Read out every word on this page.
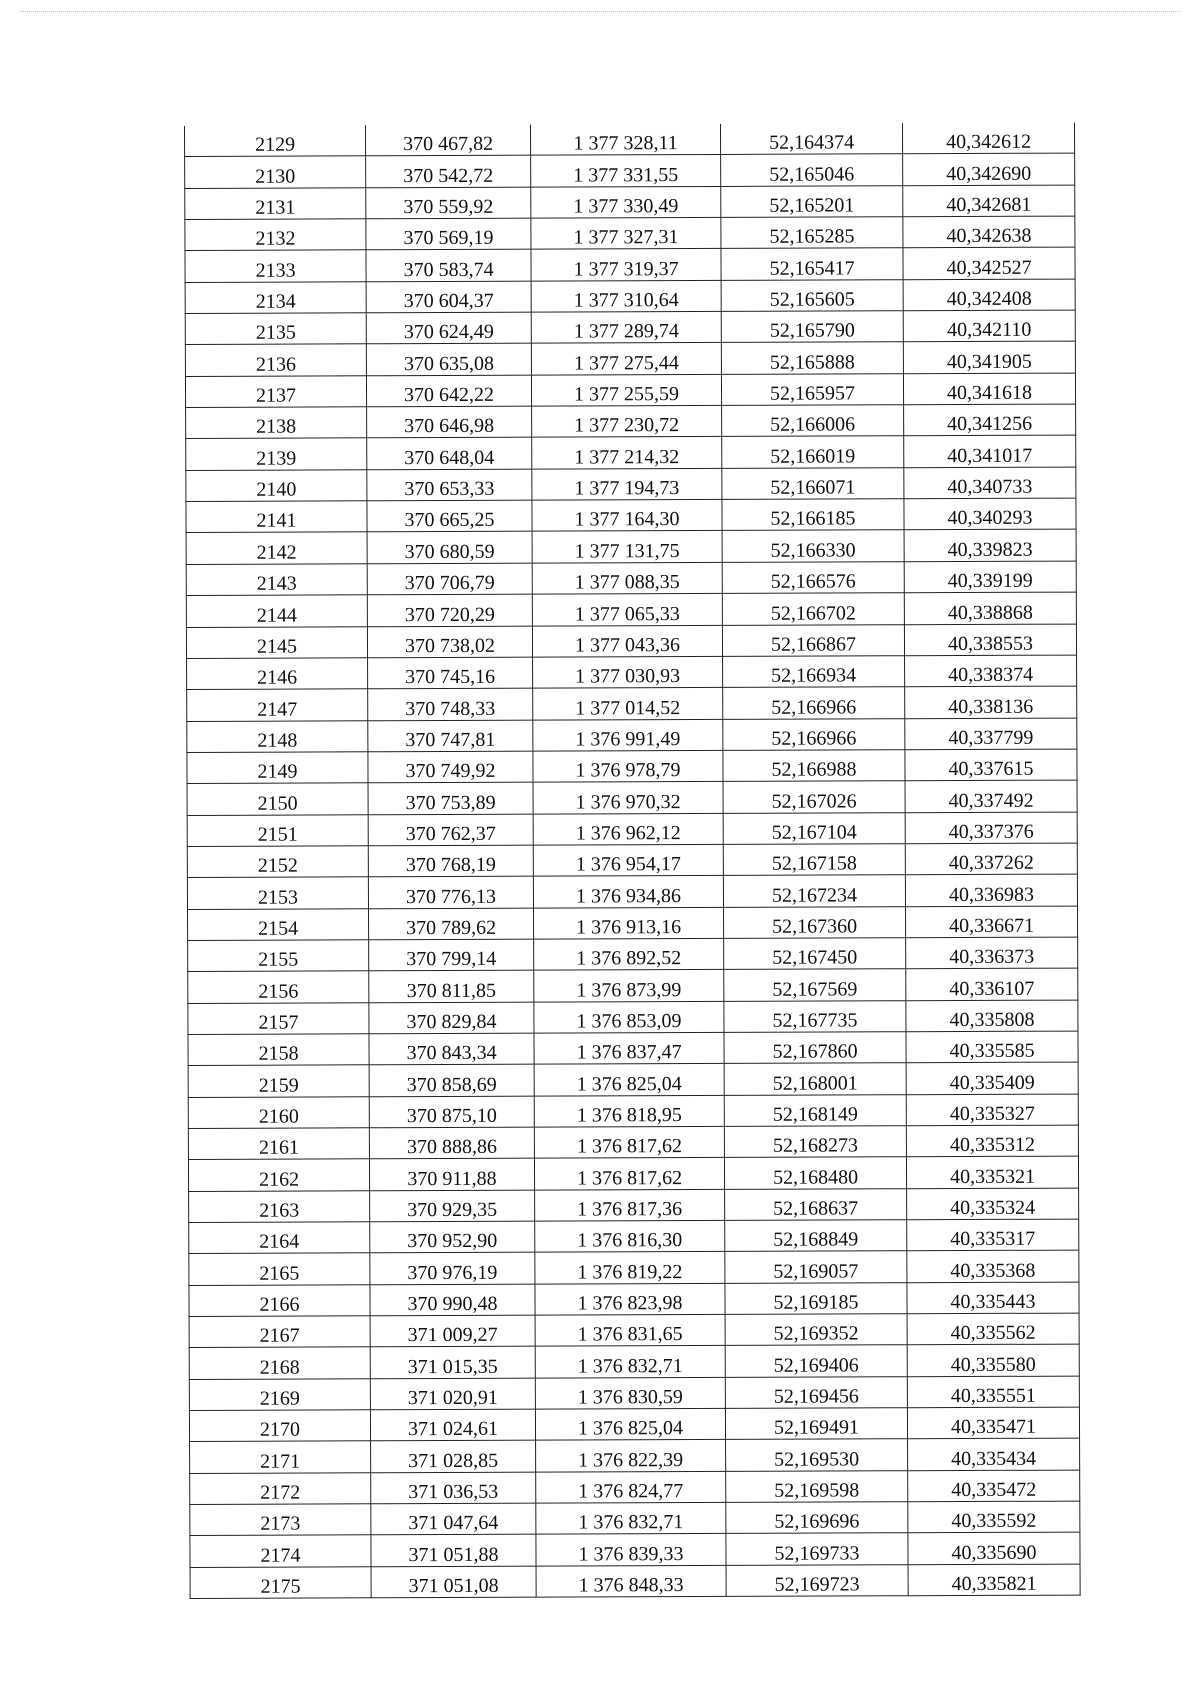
2129	370 467,82	1 377 328,11	52,164374	40,342612
2130	370 542,72	1 377 331,55	52,165046	40,342690
2131	370 559,92	1 377 330,49	52,165201	40,342681
2132	370 569,19	1 377 327,31	52,165285	40,342638
2133	370 583,74	1 377 319,37	52,165417	40,342527
2134	370 604,37	1 377 310,64	52,165605	40,342408
2135	370 624,49	1 377 289,74	52,165790	40,342110
2136	370 635,08	1 377 275,44	52,165888	40,341905
2137	370 642,22	1 377 255,59	52,165957	40,341618
2138	370 646,98	1 377 230,72	52,166006	40,341256
2139	370 648,04	1 377 214,32	52,166019	40,341017
2140	370 653,33	1 377 194,73	52,166071	40,340733
2141	370 665,25	1 377 164,30	52,166185	40,340293
2142	370 680,59	1 377 131,75	52,166330	40,339823
2143	370 706,79	1 377 088,35	52,166576	40,339199
2144	370 720,29	1 377 065,33	52,166702	40,338868
2145	370 738,02	1 377 043,36	52,166867	40,338553
2146	370 745,16	1 377 030,93	52,166934	40,338374
2147	370 748,33	1 377 014,52	52,166966	40,338136
2148	370 747,81	1 376 991,49	52,166966	40,337799
2149	370 749,92	1 376 978,79	52,166988	40,337615
2150	370 753,89	1 376 970,32	52,167026	40,337492
2151	370 762,37	1 376 962,12	52,167104	40,337376
2152	370 768,19	1 376 954,17	52,167158	40,337262
2153	370 776,13	1 376 934,86	52,167234	40,336983
2154	370 789,62	1 376 913,16	52,167360	40,336671
2155	370 799,14	1 376 892,52	52,167450	40,336373
2156	370 811,85	1 376 873,99	52,167569	40,336107
2157	370 829,84	1 376 853,09	52,167735	40,335808
2158	370 843,34	1 376 837,47	52,167860	40,335585
2159	370 858,69	1 376 825,04	52,168001	40,335409
2160	370 875,10	1 376 818,95	52,168149	40,335327
2161	370 888,86	1 376 817,62	52,168273	40,335312
2162	370 911,88	1 376 817,62	52,168480	40,335321
2163	370 929,35	1 376 817,36	52,168637	40,335324
2164	370 952,90	1 376 816,30	52,168849	40,335317
2165	370 976,19	1 376 819,22	52,169057	40,335368
2166	370 990,48	1 376 823,98	52,169185	40,335443
2167	371 009,27	1 376 831,65	52,169352	40,335562
2168	371 015,35	1 376 832,71	52,169406	40,335580
2169	371 020,91	1 376 830,59	52,169456	40,335551
2170	371 024,61	1 376 825,04	52,169491	40,335471
2171	371 028,85	1 376 822,39	52,169530	40,335434
2172	371 036,53	1 376 824,77	52,169598	40,335472
2173	371 047,64	1 376 832,71	52,169696	40,335592
2174	371 051,88	1 376 839,33	52,169733	40,335690
2175	371 051,08	1 376 848,33	52,169723	40,335821
